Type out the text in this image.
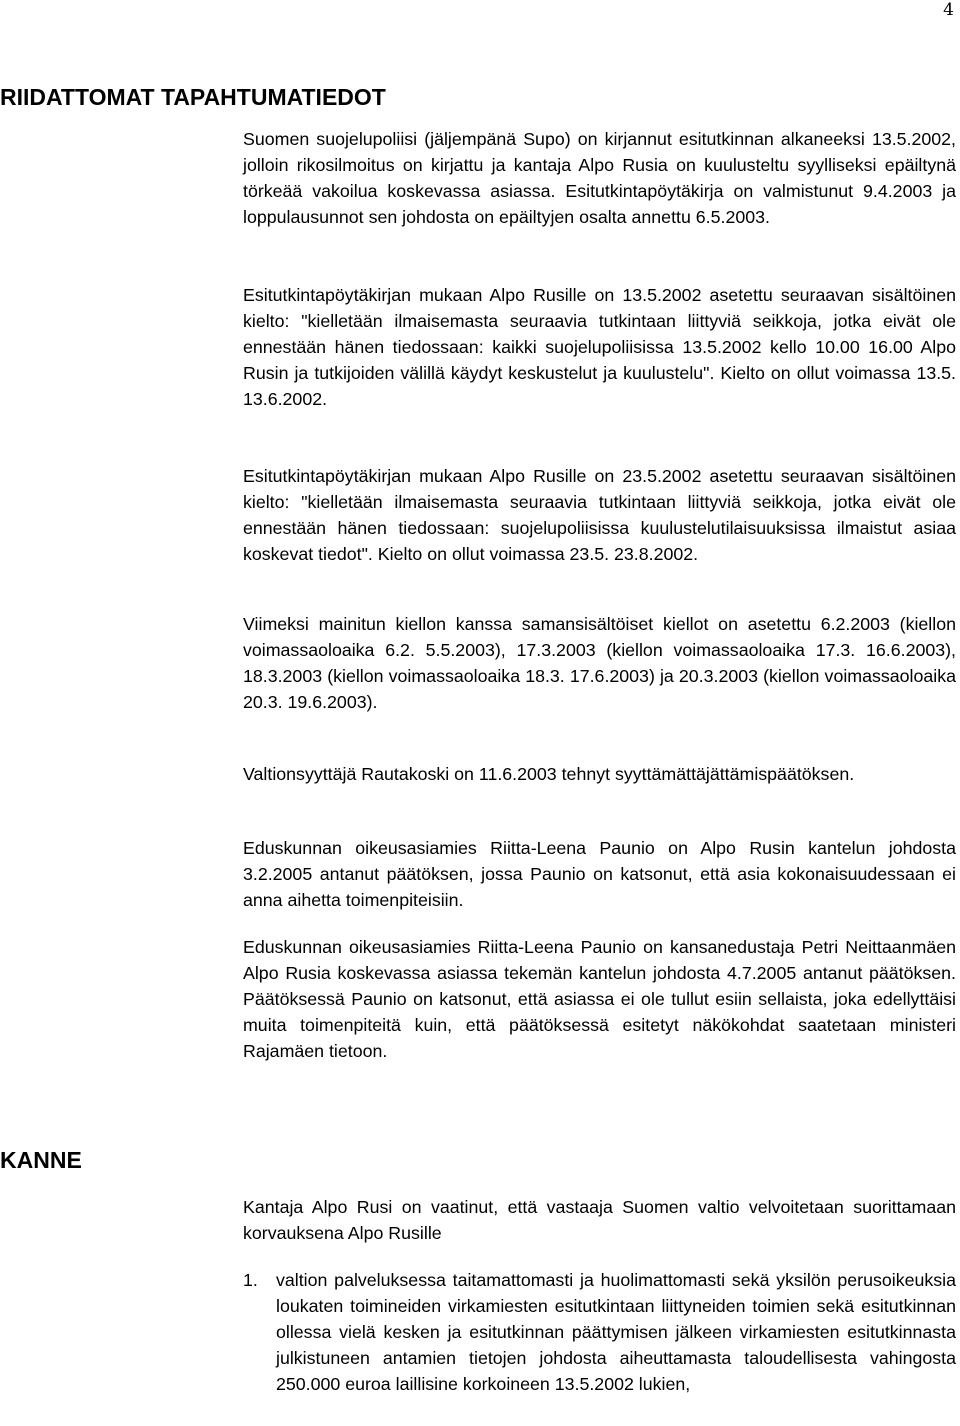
4
RIIDATTOMAT TAPAHTUMATIEDOT

Suomen suojelupoliisi (jäljempänä Supo) on kirjannut esitutkinnan alkaneeksi 13.5.2002, jolloin rikosilmoitus on kirjattu ja kantaja Alpo Rusia on kuulusteltu syylliseksi epäiltynä törkeää vakoilua koskevassa asiassa. Esitutkintapöytäkirja on valmistunut 9.4.2003 ja loppulausunnot sen johdosta on epäiltyjen osalta annettu 6.5.2003.

Esitutkintapöytäkirjan mukaan Alpo Rusille on 13.5.2002 asetettu seuraavan sisältöinen kielto: "kielletään ilmaisemasta seuraavia tutkintaan liittyviä seikkoja, jotka eivät ole ennestään hänen tiedossaan: kaikki suojelupoliisissa 13.5.2002 kello 10.00 16.00 Alpo Rusin ja tutkijoiden välillä käydyt keskustelut ja kuulustelu". Kielto on ollut voimassa 13.5. 13.6.2002.

Esitutkintapöytäkirjan mukaan Alpo Rusille on 23.5.2002 asetettu seuraavan sisältöinen kielto: "kielletään ilmaisemasta seuraavia tutkintaan liittyviä seikkoja, jotka eivät ole ennestään hänen tiedossaan: suojelupoliisissa kuulustelutilaisuuksissa ilmaistut asiaa koskevat tiedot". Kielto on ollut voimassa 23.5. 23.8.2002.

Viimeksi mainitun kiellon kanssa samansisältöiset kiellot on asetettu 6.2.2003 (kiellon voimassaoloaika 6.2. 5.5.2003), 17.3.2003 (kiellon voimassaoloaika 17.3. 16.6.2003), 18.3.2003 (kiellon voimassaoloaika 18.3. 17.6.2003) ja 20.3.2003 (kiellon voimassaoloaika 20.3. 19.6.2003).

Valtionsyyttäjä Rautakoski on 11.6.2003 tehnyt syyttämättäjättämispäätöksen.

Eduskunnan oikeusasiamies Riitta-Leena Paunio on Alpo Rusin kantelun johdosta 3.2.2005 antanut päätöksen, jossa Paunio on katsonut, että asia kokonaisuudessaan ei anna aihetta toimenpiteisiin.

Eduskunnan oikeusasiamies Riitta-Leena Paunio on kansanedustaja Petri Neittaanmäen Alpo Rusia koskevassa asiassa tekemän kantelun johdosta 4.7.2005 antanut päätöksen. Päätöksessä Paunio on katsonut, että asiassa ei ole tullut esiin sellaista, joka edellyttäisi muita toimenpiteitä kuin, että päätöksessä esitetyt näkökohdat saatetaan ministeri Rajamäen tietoon.

KANNE

Kantaja Alpo Rusi on vaatinut, että vastaaja Suomen valtio velvoitetaan suorittamaan korvauksena Alpo Rusille

1. valtion palveluksessa taitamattomasti ja huolimattomasti sekä yksilön perusoikeuksia loukaten toimineiden virkamiesten esitutkintaan liittyneiden toimien sekä esitutkinnan ollessa vielä kesken ja esitutkinnan päättymisen jälkeen virkamiesten esitutkinnasta julkistuneen antamien tietojen johdosta aiheuttamasta taloudellisesta vahingosta 250.000 euroa laillisine korkoineen 13.5.2002 lukien,
